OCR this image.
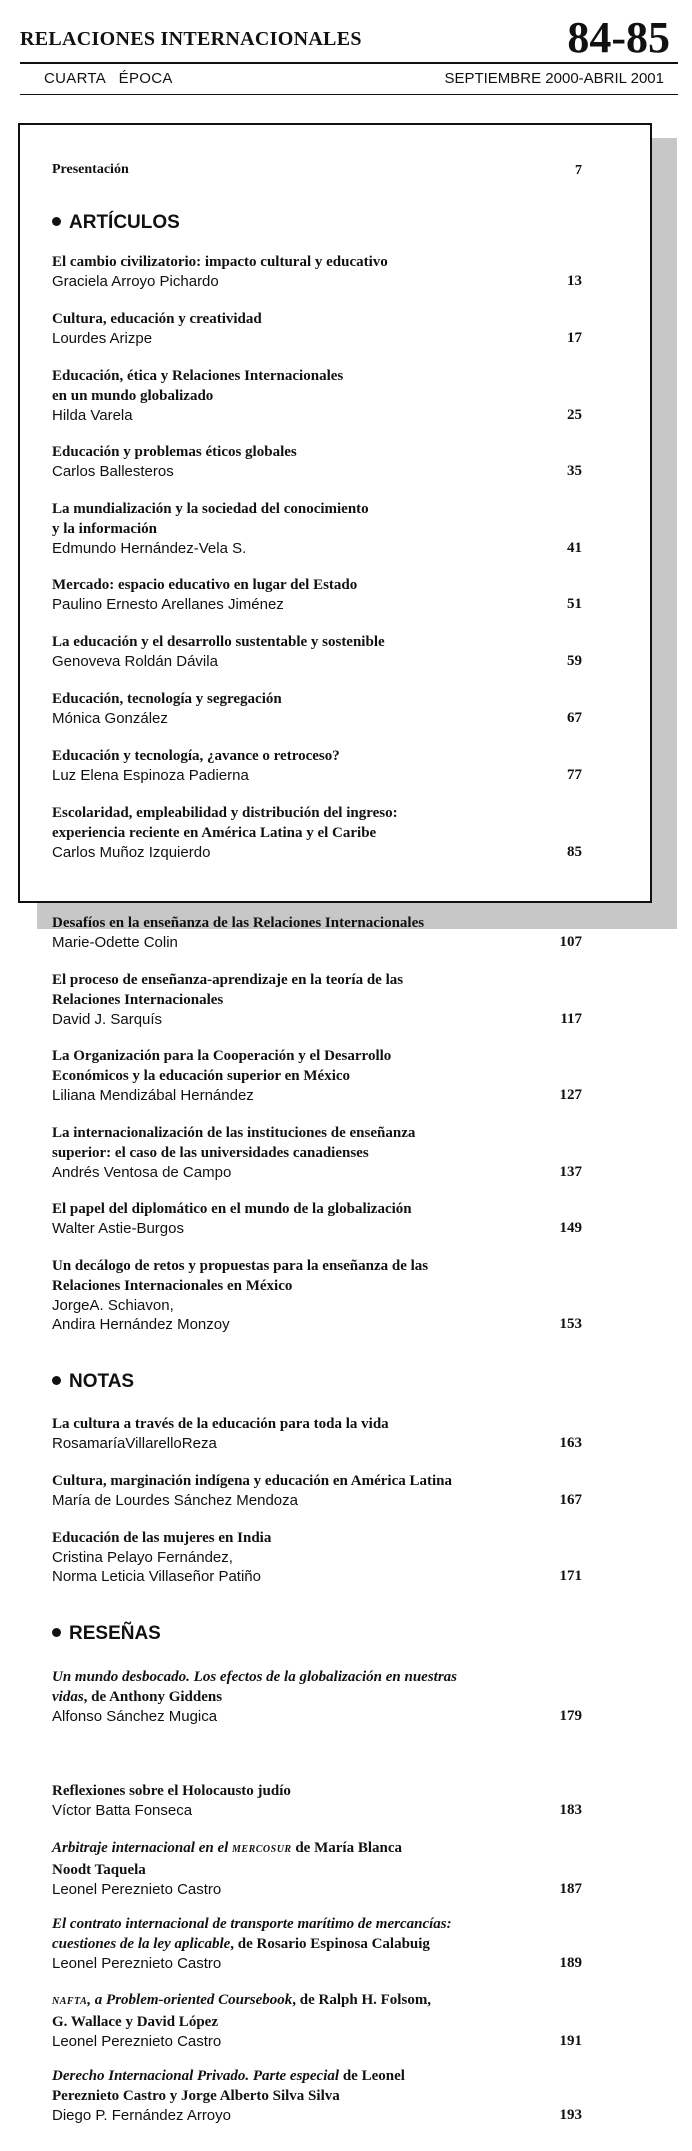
RELACIONES INTERNACIONALES	84-85
CUARTA   ÉPOCA	SEPTIEMBRE 2000-ABRIL 2001
Presentación	7
ARTÍCULOS
El cambio civilizatorio: impacto cultural y educativo
Graciela Arroyo Pichardo	13
Cultura, educación y creatividad
Lourdes Arizpe	17
Educación, ética y Relaciones Internacionales
en un mundo globalizado
Hilda Varela	25
Educación y problemas éticos globales
Carlos Ballesteros	35
La mundialización y la sociedad del conocimiento
y la información
Edmundo Hernández-Vela S.	41
Mercado: espacio educativo en lugar del Estado
Paulino Ernesto Arellanes Jiménez	51
La educación y el desarrollo sustentable y sostenible
Genoveva Roldán Dávila	59
Educación, tecnología y segregación
Mónica González	67
Educación y tecnología, ¿avance o retroceso?
Luz Elena Espinoza Padierna	77
Escolaridad, empleabilidad y distribución del ingreso:
experiencia reciente en América Latina y el Caribe
Carlos Muñoz Izquierdo	85
Desafíos en la enseñanza de las Relaciones Internacionales
Marie-Odette Colin	107
El proceso de enseñanza-aprendizaje en la teoría de las
Relaciones Internacionales
David J. Sarquís	117
La Organización para la Cooperación y el Desarrollo
Económicos y la educación superior en México
Liliana Mendizábal Hernández	127
La internacionalización de las instituciones de enseñanza
superior: el caso de las universidades canadienses
Andrés Ventosa de Campo	137
El papel del diplomático en el mundo de la globalización
Walter Astie-Burgos	149
Un decálogo de retos y propuestas para la enseñanza de las
Relaciones Internacionales en México
JorgeA. Schiavon,
Andira Hernández Monzoy	153
NOTAS
La cultura a través de la educación para toda la vida
RosamaríaVillarelloReza	163
Cultura, marginación indígena y educación en América Latina
María de Lourdes Sánchez Mendoza	167
Educación de las mujeres en India
Cristina Pelayo Fernández,
Norma Leticia Villaseñor Patiño	171
RESEÑAS
Un mundo desbocado. Los efectos de la globalización en nuestras
vidas, de Anthony Giddens
Alfonso Sánchez Mugica	179
Reflexiones sobre el Holocausto judío
Víctor Batta Fonseca	183
Arbitraje internacional en el MERCOSUR de María Blanca
Noodt Taquela
Leonel Pereznieto Castro	187
El contrato internacional de transporte marítimo de mercancías:
cuestiones de la ley aplicable, de Rosario Espinosa Calabuig
Leonel Pereznieto Castro	189
NAFTA, a Problem-oriented Coursebook, de Ralph H. Folsom,
G. Wallace y David López
Leonel Pereznieto Castro	191
Derecho Internacional Privado. Parte especial de Leonel
Pereznieto Castro y Jorge Alberto Silva Silva
Diego P. Fernández Arroyo	193
